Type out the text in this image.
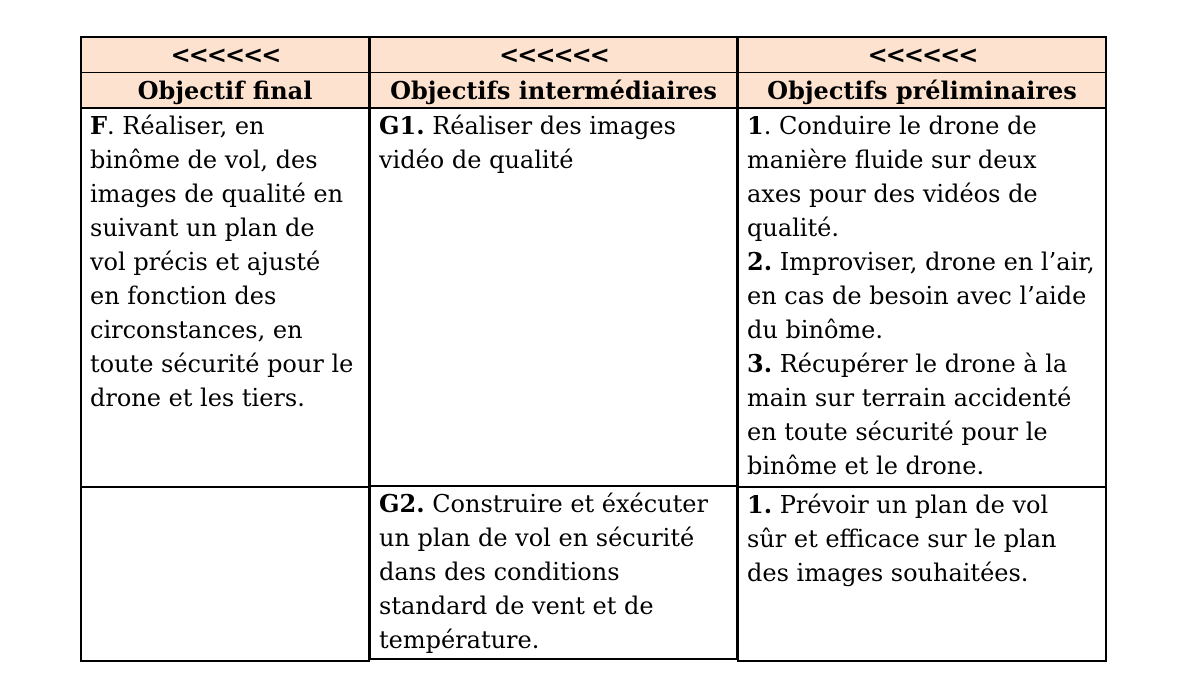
<<<<<<
Objectif final
F. Réaliser, en
binôme de vol, des
images de qualité en
suivant un plan de
vol précis et ajusté
en fonction des
circonstances, en
toute sécurité pour le
drone et les tiers.
<<<<<<
Objectifs intermédiaires
G1. Réaliser des images
vidéo de qualité
G2. Construire et éxécuter
un plan de vol en sécurité
dans des conditions
standard de vent et de
température.
<<<<<<
Objectifs préliminaires
1. Conduire le drone de
manière fluide sur deux
axes pour des vidéos de
qualité.
2. Improviser, drone en l’air,
en cas de besoin avec l’aide
du binôme.
3. Récupérer le drone à la
main sur terrain accidenté
en toute sécurité pour le
binôme et le drone.
1. Prévoir un plan de vol
sûr et efficace sur le plan
des images souhaitées.
